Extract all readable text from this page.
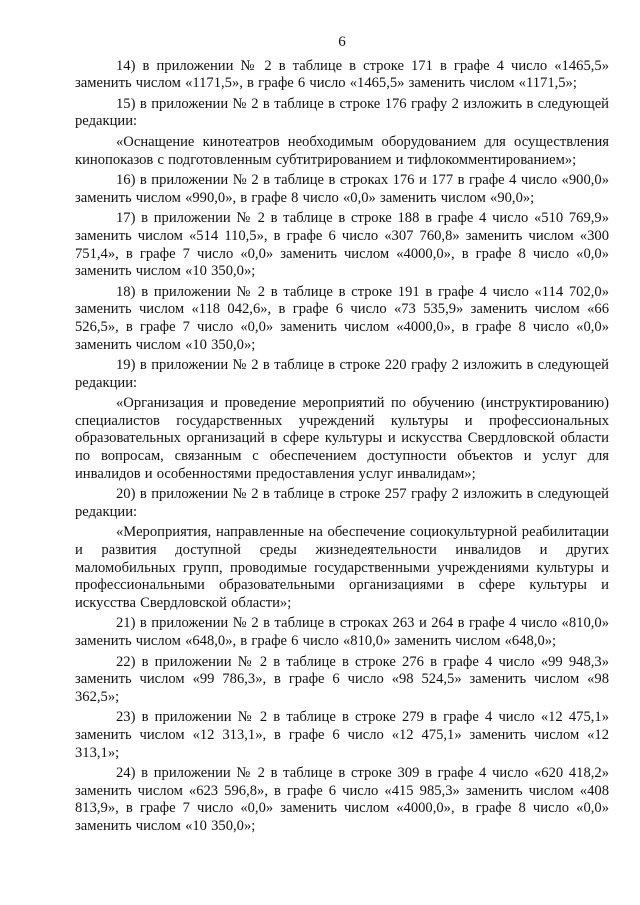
6

14) в приложении № 2 в таблице в строке 171 в графе 4 число «1465,5» заменить числом «1171,5», в графе 6 число «1465,5» заменить числом «1171,5»;

15) в приложении № 2 в таблице в строке 176 графу 2 изложить в следующей редакции:

«Оснащение кинотеатров необходимым оборудованием для осуществления кинопоказов с подготовленным субтитрированием и тифлокомментированием»;

16) в приложении № 2 в таблице в строках 176 и 177 в графе 4 число «900,0» заменить числом «990,0», в графе 8 число «0,0» заменить числом «90,0»;

17) в приложении № 2 в таблице в строке 188 в графе 4 число «510 769,9» заменить числом «514 110,5», в графе 6 число «307 760,8» заменить числом «300 751,4», в графе 7 число «0,0» заменить числом «4000,0», в графе 8 число «0,0» заменить числом «10 350,0»;

18) в приложении № 2 в таблице в строке 191 в графе 4 число «114 702,0» заменить числом «118 042,6», в графе 6 число «73 535,9» заменить числом «66 526,5», в графе 7 число «0,0» заменить числом «4000,0», в графе 8 число «0,0» заменить числом «10 350,0»;

19) в приложении № 2 в таблице в строке 220 графу 2 изложить в следующей редакции:

«Организация и проведение мероприятий по обучению (инструктированию) специалистов государственных учреждений культуры и профессиональных образовательных организаций в сфере культуры и искусства Свердловской области по вопросам, связанным с обеспечением доступности объектов и услуг для инвалидов и особенностями предоставления услуг инвалидам»;

20) в приложении № 2 в таблице в строке 257 графу 2 изложить в следующей редакции:

«Мероприятия, направленные на обеспечение социокультурной реабилитации и развития доступной среды жизнедеятельности инвалидов и других маломобильных групп, проводимые государственными учреждениями культуры и профессиональными образовательными организациями в сфере культуры и искусства Свердловской области»;

21) в приложении № 2 в таблице в строках 263 и 264 в графе 4 число «810,0» заменить числом «648,0», в графе 6 число «810,0» заменить числом «648,0»;

22) в приложении № 2 в таблице в строке 276 в графе 4 число «99 948,3» заменить числом «99 786,3», в графе 6 число «98 524,5» заменить числом «98 362,5»;

23) в приложении № 2 в таблице в строке 279 в графе 4 число «12 475,1» заменить числом «12 313,1», в графе 6 число «12 475,1» заменить числом «12 313,1»;

24) в приложении № 2 в таблице в строке 309 в графе 4 число «620 418,2» заменить числом «623 596,8», в графе 6 число «415 985,3» заменить числом «408 813,9», в графе 7 число «0,0» заменить числом «4000,0», в графе 8 число «0,0» заменить числом «10 350,0»;
